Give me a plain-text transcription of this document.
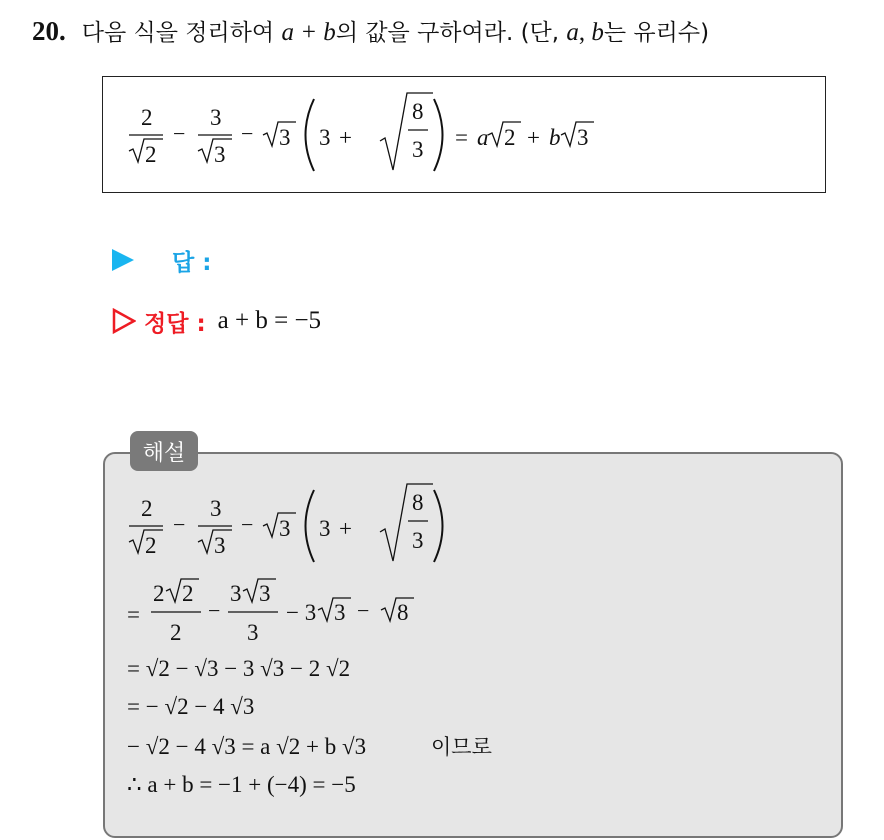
20. 다음 식을 정리하여 a + b의 값을 구하여라. (단, a, b는 유리수)
2
2
−
3
3
− 3 3 +
8
3 = a 2 + b 3
답 :
정답 : a + b = −5
해설
2
2
−
3
3
− 3 3 +
8
3
=
2 2
2
−
3 3
3
− 3 3 − 8
= √2 − √3 − 3 √3 − 2 √2
= − √2 − 4 √3
− √2 − 4 √3 = a √2 + b √3	이므로
∴ a + b = −1 + (−4) = −5
